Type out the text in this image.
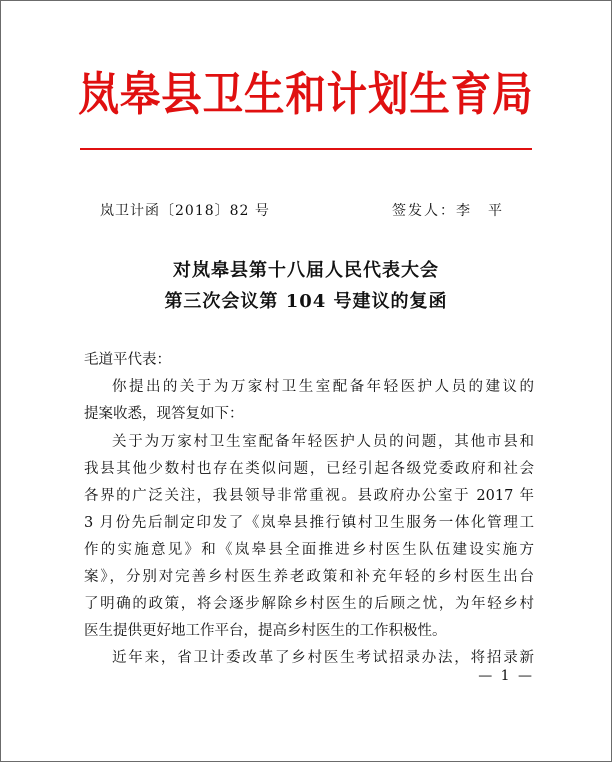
岚皋县卫生和计划生育局
岚卫计函〔2018〕82 号	签发人：李　平
对岚皋县第十八届人民代表大会
第三次会议第 104 号建议的复函
毛道平代表：
你提出的关于为万家村卫生室配备年轻医护人员的建议的
提案收悉，现答复如下：
关于为万家村卫生室配备年轻医护人员的问题，其他市县和
我县其他少数村也存在类似问题，已经引起各级党委政府和社会
各界的广泛关注，我县领导非常重视。县政府办公室于 2017 年
3 月份先后制定印发了《岚皋县推行镇村卫生服务一体化管理工
作的实施意见》和《岚皋县全面推进乡村医生队伍建设实施方
案》，分别对完善乡村医生养老政策和补充年轻的乡村医生出台
了明确的政策，将会逐步解除乡村医生的后顾之忧，为年轻乡村
医生提供更好地工作平台，提高乡村医生的工作积极性。
近年来，省卫计委改革了乡村医生考试招录办法，将招录新
— 1 —
